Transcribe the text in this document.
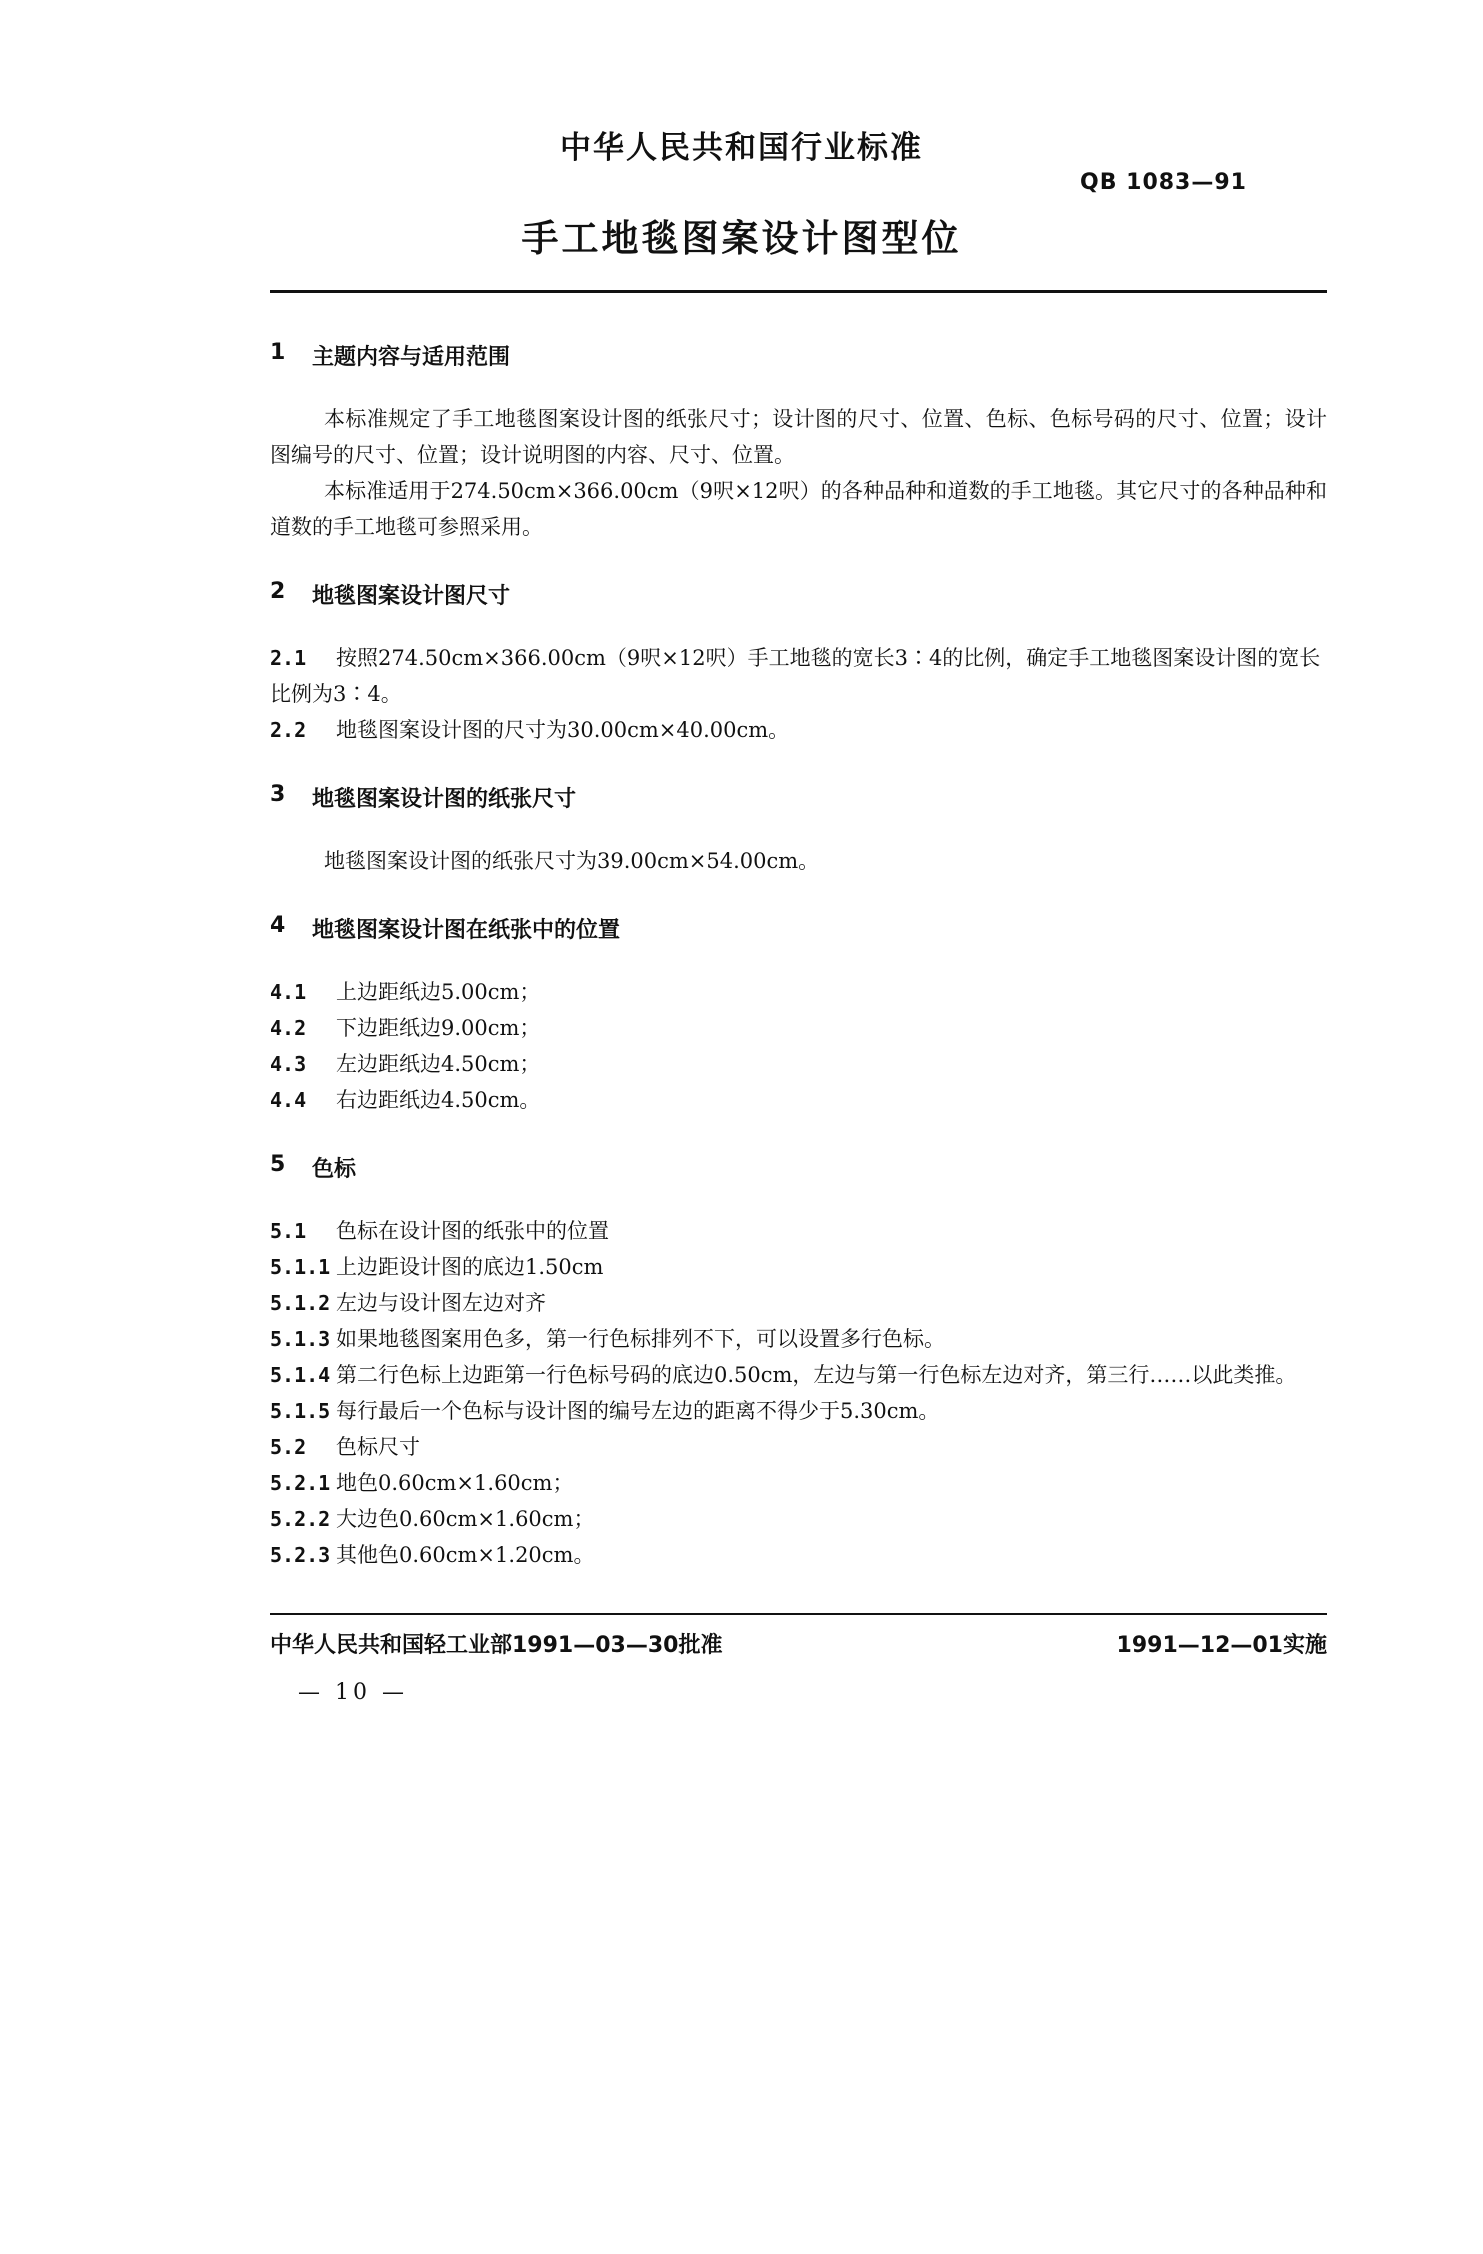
中华人民共和国行业标准
QB 1083—91
手工地毯图案设计图型位
1	主题内容与适用范围

本标准规定了手工地毯图案设计图的纸张尺寸；设计图的尺寸、位置、色标、色标号码的尺寸、位置；设计图编号的尺寸、位置；设计说明图的内容、尺寸、位置。

本标准适用于274.50cm×366.00cm（9呎×12呎）的各种品种和道数的手工地毯。其它尺寸的各种品种和道数的手工地毯可参照采用。

2	地毯图案设计图尺寸

2.1 按照274.50cm×366.00cm（9呎×12呎）手工地毯的宽长3∶4的比例，确定手工地毯图案设计图的宽长比例为3∶4。

2.2	地毯图案设计图的尺寸为30.00cm×40.00cm。

3	地毯图案设计图的纸张尺寸

地毯图案设计图的纸张尺寸为39.00cm×54.00cm。

4	地毯图案设计图在纸张中的位置

4.1	上边距纸边5.00cm；

4.2	下边距纸边9.00cm；

4.3	左边距纸边4.50cm；

4.4	右边距纸边4.50cm。

5	色标

5.1	色标在设计图的纸张中的位置

5.1.1 上边距设计图的底边1.50cm

5.1.2 左边与设计图左边对齐

5.1.3 如果地毯图案用色多，第一行色标排列不下，可以设置多行色标。

5.1.4 第二行色标上边距第一行色标号码的底边0.50cm，左边与第一行色标左边对齐，第三行……以此类推。

5.1.5 每行最后一个色标与设计图的编号左边的距离不得少于5.30cm。

5.2	色标尺寸

5.2.1 地色0.60cm×1.60cm；

5.2.2 大边色0.60cm×1.60cm；

5.2.3 其他色0.60cm×1.20cm。

中华人民共和国轻工业部1991—03—30批准	1991—12—01实施
— 10 —
